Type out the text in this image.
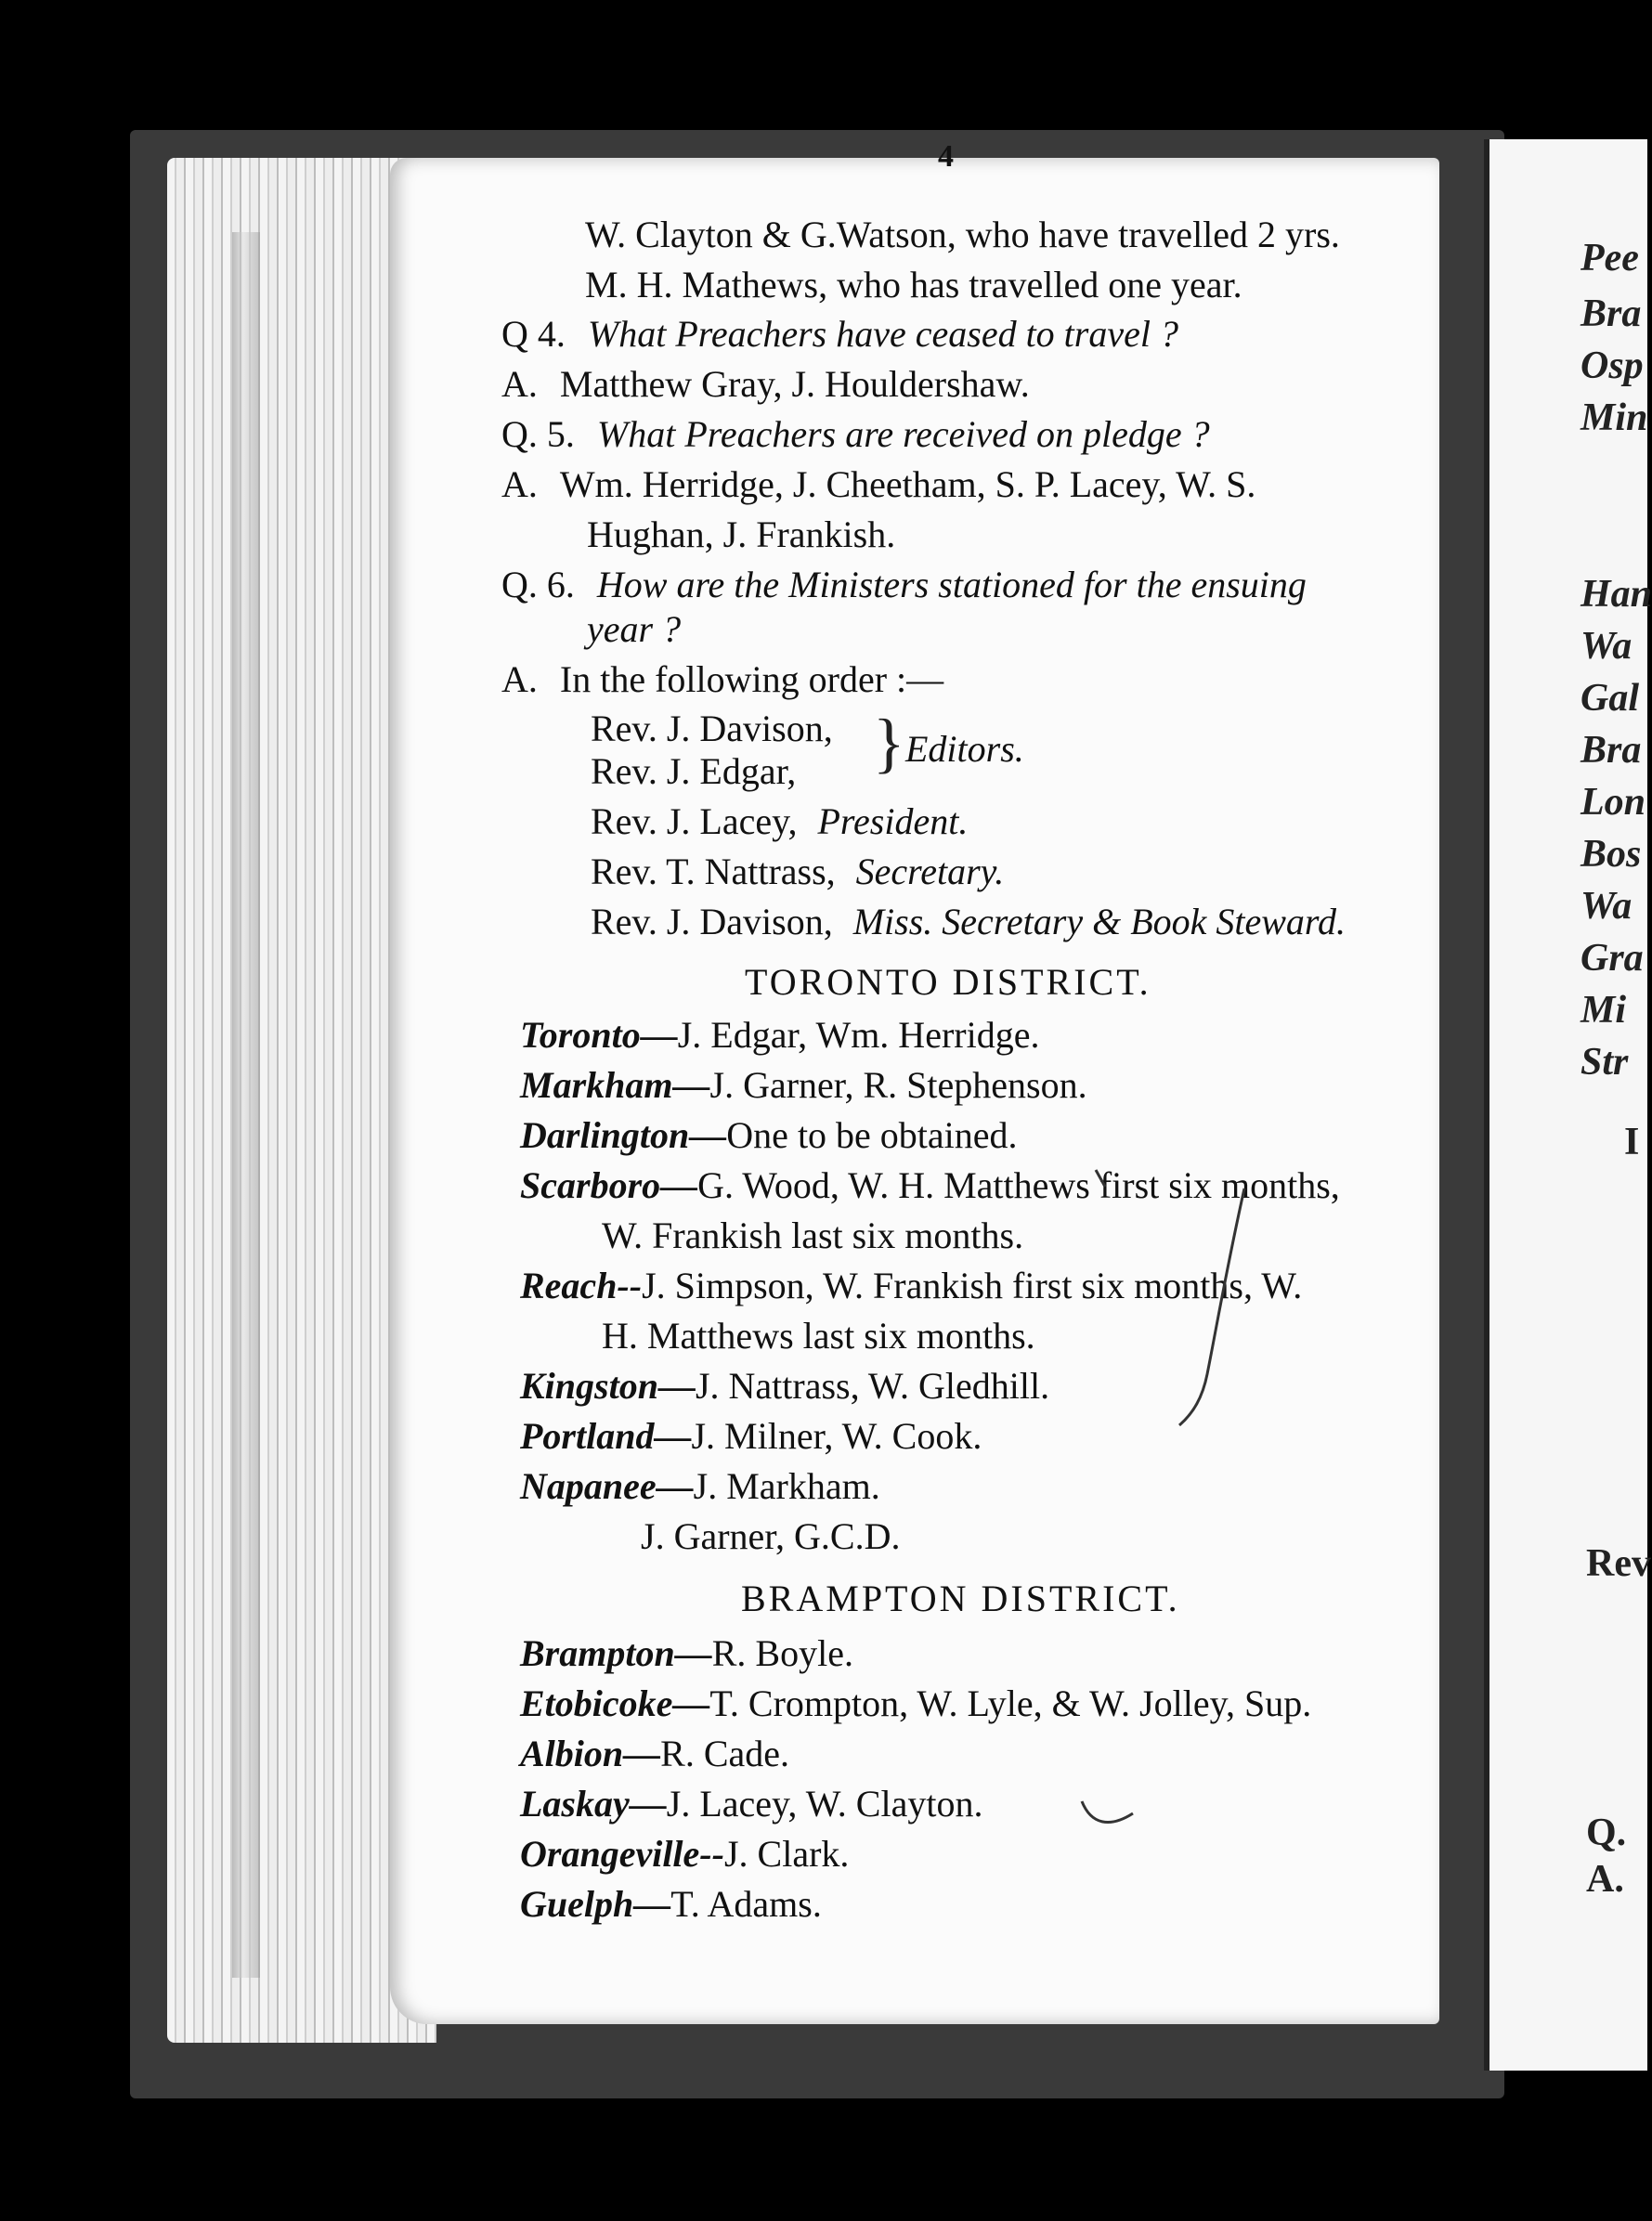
4
W. Clayton & G.Watson, who have travelled 2 yrs.
M. H. Mathews, who has travelled one year.
Q 4. What Preachers have ceased to travel ?
A. Matthew Gray, J. Houldershaw.
Q. 5. What Preachers are received on pledge ?
A. Wm. Herridge, J. Cheetham, S. P. Lacey, W. S.
Hughan, J. Frankish.
Q. 6. How are the Ministers stationed for the ensuing
year ?
A. In the following order :—
Rev. J. Davison,
Rev. J. Edgar, } Editors.
Rev. J. Lacey, President.
Rev. T. Nattrass, Secretary.
Rev. J. Davison, Miss. Secretary & Book Steward.
TORONTO DISTRICT.
Toronto—J. Edgar, Wm. Herridge.
Markham—J. Garner, R. Stephenson.
Darlington—One to be obtained.
Scarboro—G. Wood, W. H. Matthews first six months,
W. Frankish last six months.
Reach--J. Simpson, W. Frankish first six months, W.
H. Matthews last six months.
Kingston—J. Nattrass, W. Gledhill.
Portland—J. Milner, W. Cook.
Napanee—J. Markham.
J. Garner, G.C.D.
BRAMPTON DISTRICT.
Brampton—R. Boyle.
Etobicoke—T. Crompton, W. Lyle, & W. Jolley, Sup.
Albion—R. Cade.
Laskay—J. Lacey, W. Clayton.
Orangeville--J. Clark.
Guelph—T. Adams.
Pee
Bra
Osp
Min
Han
Wa
Gal
Bra
Lon
Bos
Wa
Gra
Mi
Str
I
Rev
Q.
A.
